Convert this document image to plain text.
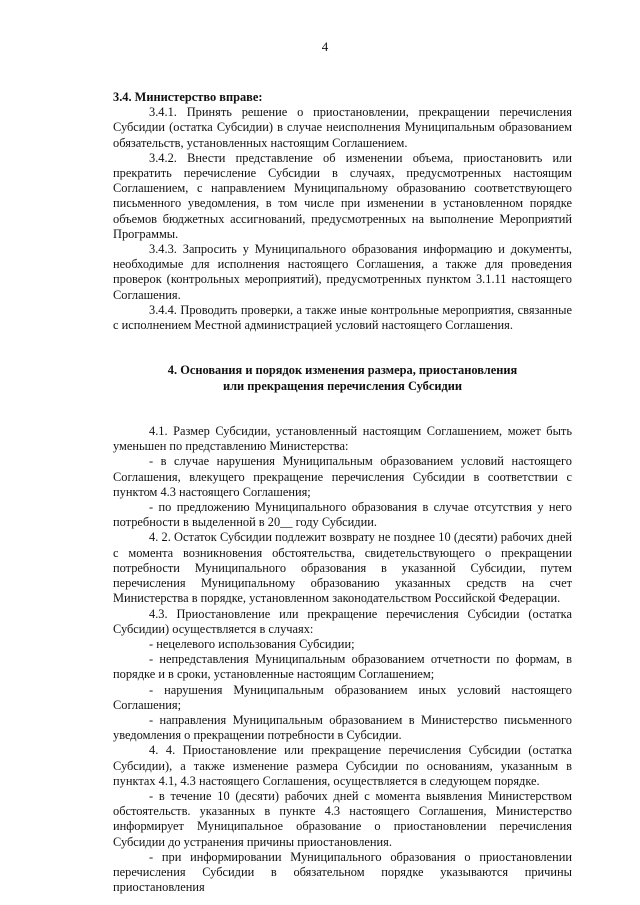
4

3.4. Министерство вправе:

3.4.1. Принять решение о приостановлении, прекращении перечисления Субсидии (остатка Субсидии) в случае неисполнения Муниципальным образованием обязательств, установленных настоящим Соглашением.

3.4.2. Внести представление об изменении объема, приостановить или прекратить перечисление Субсидии в случаях, предусмотренных настоящим Соглашением, с направлением Муниципальному образованию соответствующего письменного уведомления, в том числе при изменении в установленном порядке объемов бюджетных ассигнований, предусмотренных на выполнение Мероприятий Программы.

3.4.3. Запросить у Муниципального образования информацию и документы, необходимые для исполнения настоящего Соглашения, а также для проведения проверок (контрольных мероприятий), предусмотренных пунктом 3.1.11 настоящего Соглашения.

3.4.4. Проводить проверки, а также иные контрольные мероприятия, связанные с исполнением Местной администрацией условий настоящего Соглашения.

4. Основания и порядок изменения размера, приостановления

или прекращения перечисления Субсидии

4.1. Размер Субсидии, установленный настоящим Соглашением, может быть уменьшен по представлению Министерства:

- в случае нарушения Муниципальным образованием условий настоящего Соглашения, влекущего прекращение перечисления Субсидии в соответствии с пунктом 4.3 настоящего Соглашения;

- по предложению Муниципального образования в случае отсутствия у него потребности в выделенной в 20__ году Субсидии.

4. 2. Остаток Субсидии подлежит возврату не позднее 10 (десяти) рабочих дней с момента возникновения обстоятельства, свидетельствующего о прекращении потребности Муниципального образования в указанной Субсидии, путем перечисления Муниципальному образованию указанных средств на счет Министерства в порядке, установленном законодательством Российской Федерации.

4.3. Приостановление или прекращение перечисления Субсидии (остатка Субсидии) осуществляется в случаях:

- нецелевого использования Субсидии;

- непредставления Муниципальным образованием отчетности по формам, в порядке и в сроки, установленные настоящим Соглашением;

- нарушения Муниципальным образованием иных условий настоящего Соглашения;

- направления Муниципальным образованием в Министерство письменного уведомления о прекращении потребности в Субсидии.

4. 4. Приостановление или прекращение перечисления Субсидии (остатка Субсидии), а также изменение размера Субсидии по основаниям, указанным в пунктах 4.1, 4.3 настоящего Соглашения, осуществляется в следующем порядке.

- в течение 10 (десяти) рабочих дней с момента выявления Министерством обстоятельств. указанных в пункте 4.3 настоящего Соглашения, Министерство информирует Муниципальное образование о приостановлении перечисления Субсидии до устранения причины приостановления.

- при информировании Муниципального образования о приостановлении перечисления Субсидии в обязательном порядке указываются причины приостановления
